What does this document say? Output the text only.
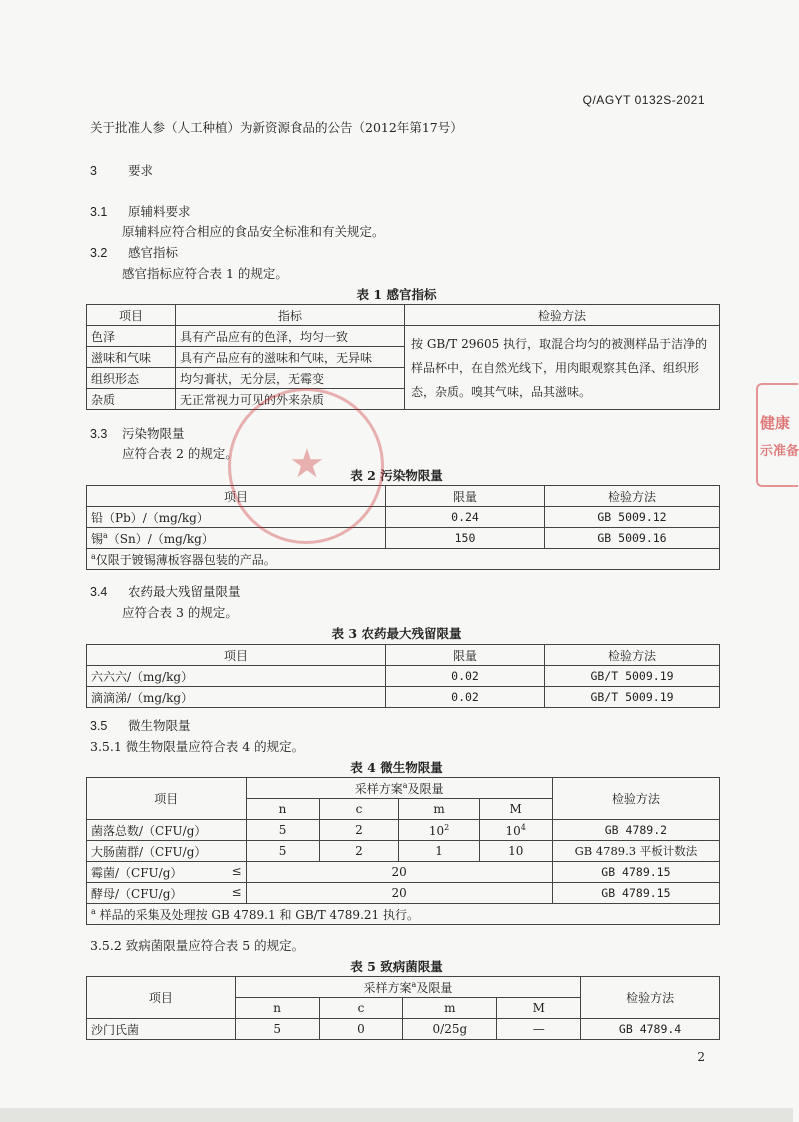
Q/AGYT 0132S-2021
关于批准人参（人工种植）为新资源食品的公告（2012年第17号）
3 要求
3.1 原辅料要求
原辅料应符合相应的食品安全标准和有关规定。
3.2 感官指标
感官指标应符合表 1 的规定。
表 1 感官指标
项目	指标	检验方法
色泽	具有产品应有的色泽，均匀一致	按 GB/T 29605 执行，取混合均匀的被测样品于洁净的样品杯中，在自然光线下，用肉眼观察其色泽、组织形态，杂质。嗅其气味，品其滋味。
滋味和气味	具有产品应有的滋味和气味，无异味	
组织形态	均匀膏状，无分层，无霉变	
杂质	无正常视力可见的外来杂质	
3.3 污染物限量
应符合表 2 的规定。
表 2 污染物限量
项目	限量	检验方法
铅（Pb）/（mg/kg）	0.24	GB 5009.12
锡$^a$（Sn）/（mg/kg）	150	GB 5009.16
$^a$仅限于镀锡薄板容器包装的产品。		
3.4 农药最大残留量限量
应符合表 3 的规定。
表 3 农药最大残留限量
项目	限量	检验方法
六六六/（mg/kg）	0.02	GB/T 5009.19
滴滴涕/（mg/kg）	0.02	GB/T 5009.19
3.5 微生物限量
3.5.1 微生物限量应符合表 4 的规定。
表 4 微生物限量
项目	采样方案$^a$及限量				检验方法
	n	c	m	M	
菌落总数/（CFU/g）	5	2	$10^2$	$10^4$	GB 4789.2
大肠菌群/（CFU/g）	5	2	1	10	GB 4789.3 平板计数法
霉菌/（CFU/g） ≤	20				GB 4789.15
酵母/（CFU/g） ≤	20				GB 4789.15
$^a$ 样品的采集及处理按 GB 4789.1 和 GB/T 4789.21 执行。					
3.5.2 致病菌限量应符合表 5 的规定。
表 5 致病菌限量
项目	采样方案$^a$及限量				检验方法
	n	c	m	M	
沙门氏菌	5	0	0/25g	—	GB 4789.4
★
健康
示准备
2
